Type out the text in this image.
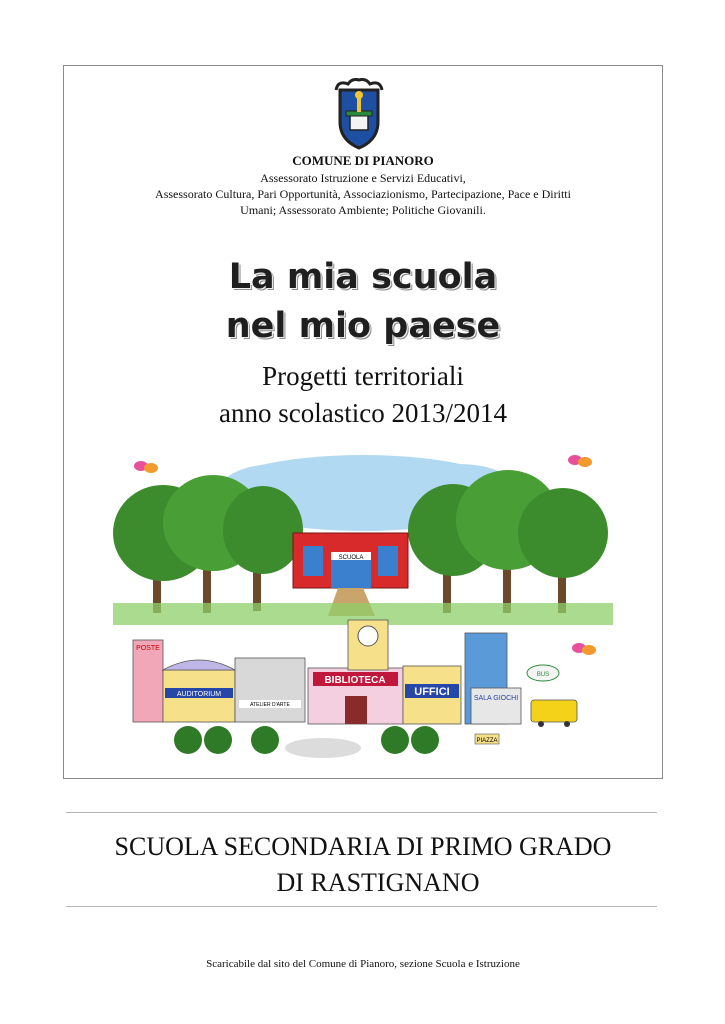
COMUNE DI PIANORO
Assessorato Istruzione e Servizi Educativi,
Assessorato Cultura, Pari Opportunità, Associazionismo, Partecipazione, Pace e Diritti
Umani; Assessorato Ambiente; Politiche Giovanili.
La mia scuola
nel mio paese
Progetti territoriali
anno scolastico 2013/2014
SCUOLA
POSTE
AUDITORIUM
ATELIER D'ARTE
BIBLIOTECA
UFFICI
SALA GIOCHI
BUS
PIAZZA
SCUOLA SECONDARIA DI PRIMO GRADO
DI RASTIGNANO
Scaricabile dal sito del Comune di Pianoro, sezione Scuola e Istruzione
